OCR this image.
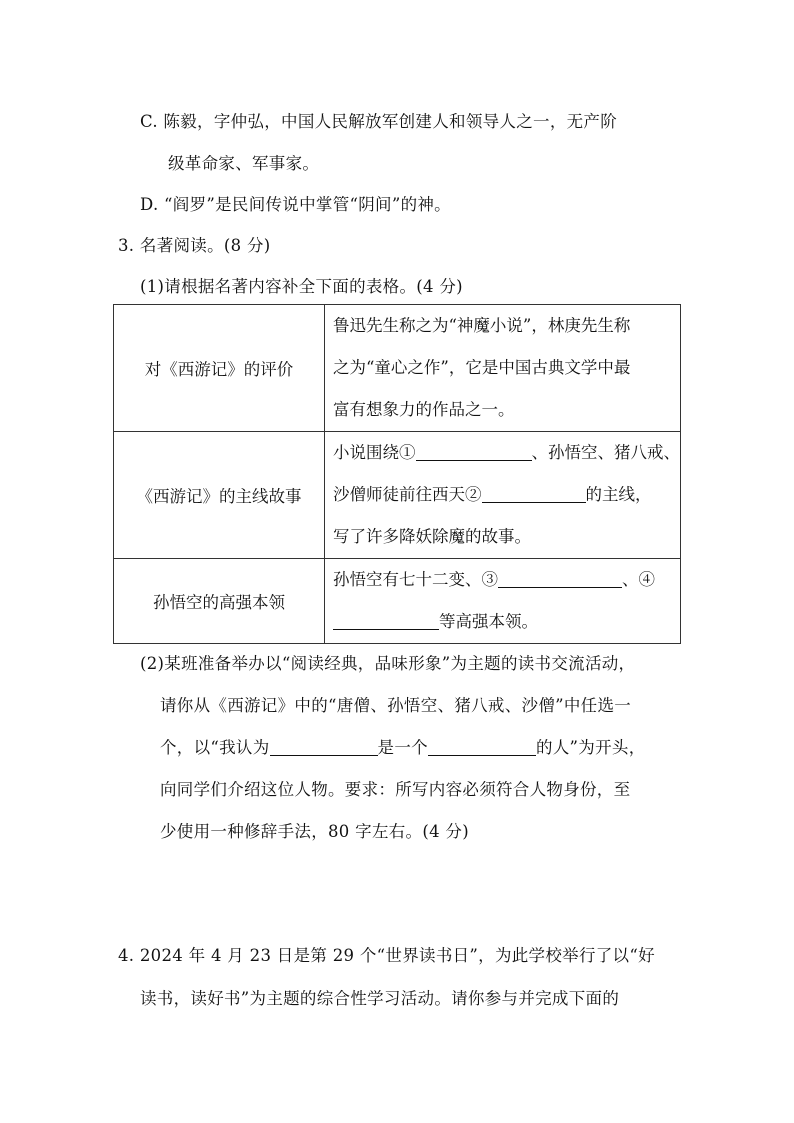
C. 陈毅，字仲弘，中国人民解放军创建人和领导人之一，无产阶
级革命家、军事家。
D. “阎罗”是民间传说中掌管“阴间”的神。
3. 名著阅读。(8 分)
(1)请根据名著内容补全下面的表格。(4 分)
对《西游记》的评价	鲁迅先生称之为“神魔小说”，林庚先生称
之为“童心之作”，它是中国古典文学中最
富有想象力的作品之一。

《西游记》的主线故事	小说围绕① 、孙悟空、猪八戒、
沙僧师徒前往西天② 的主线，
写了许多降妖除魔的故事。

孙悟空的高强本领	孙悟空有七十二变、③ 、④
等高强本领。
(2)某班准备举办以“阅读经典，品味形象”为主题的读书交流活动，
请你从《西游记》中的“唐僧、孙悟空、猪八戒、沙僧”中任选一
个，以“我认为	是一个	的人”为开头，
向同学们介绍这位人物。要求：所写内容必须符合人物身份，至
少使用一种修辞手法，80 字左右。(4 分)
4. 2024 年 4 月 23 日是第 29 个“世界读书日”，为此学校举行了以“好
读书，读好书”为主题的综合性学习活动。请你参与并完成下面的
